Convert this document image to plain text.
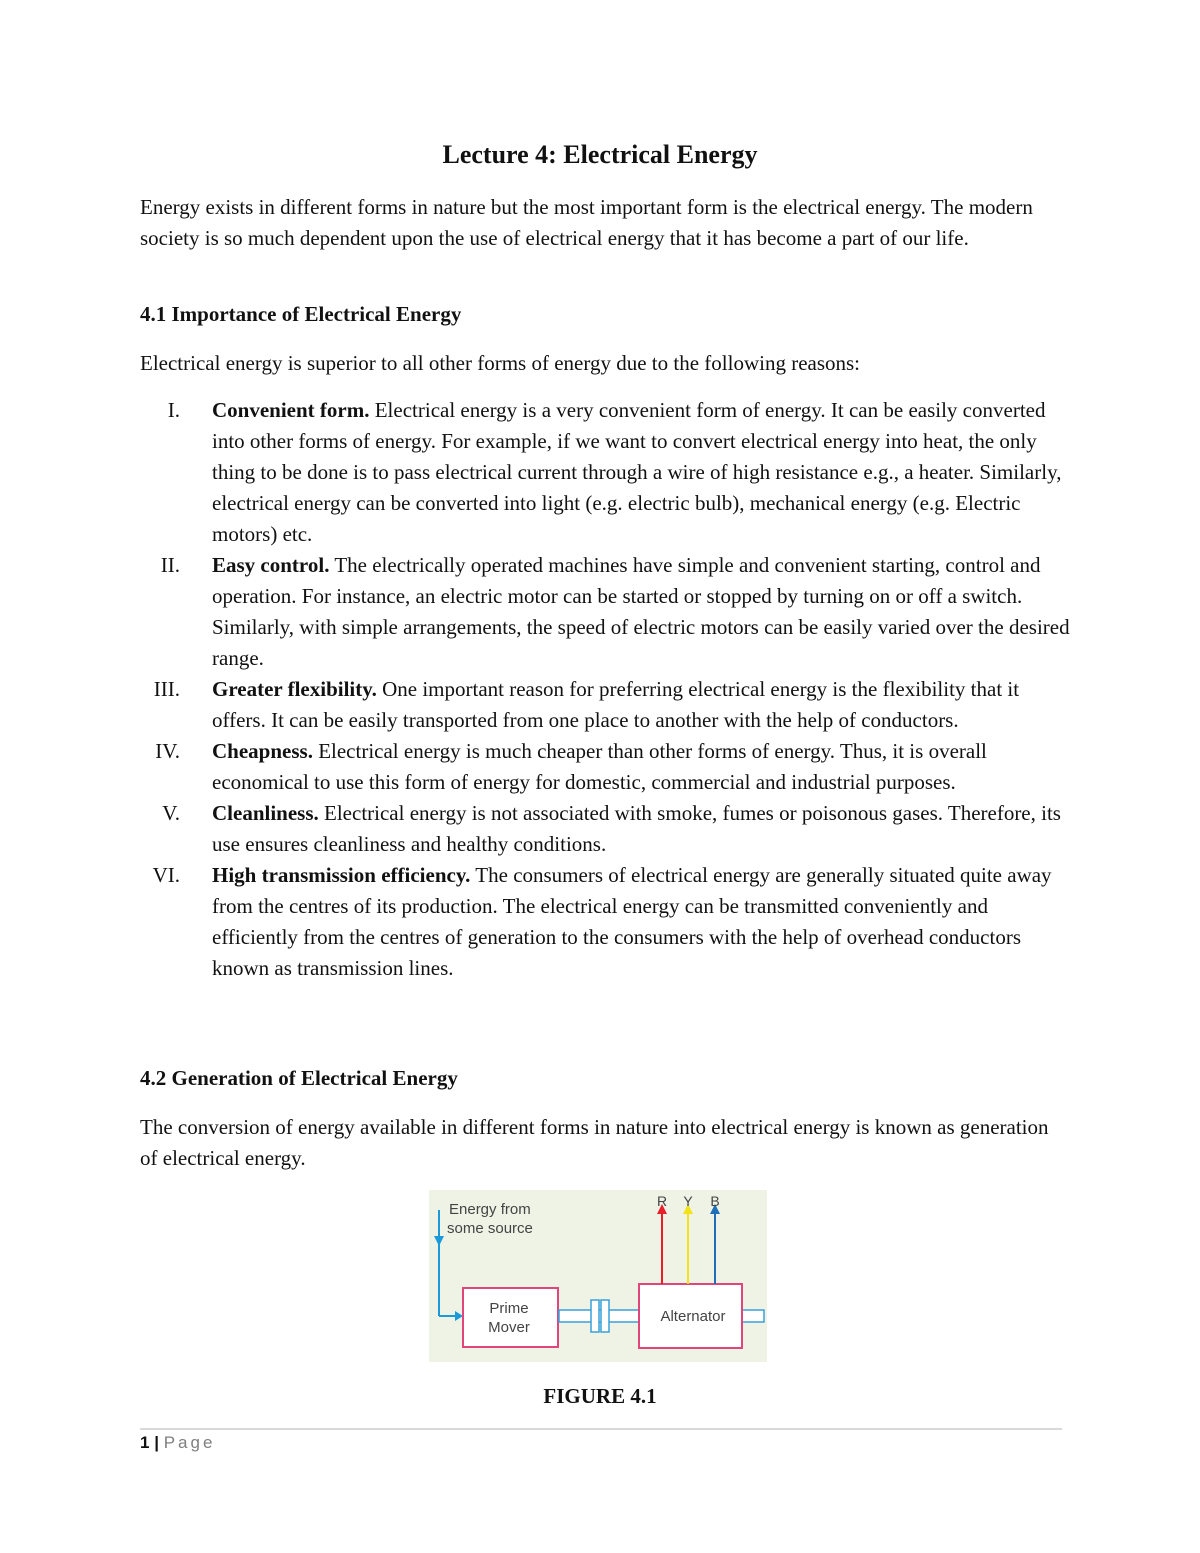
Lecture 4: Electrical Energy

Energy exists in different forms in nature but the most important form is the electrical energy. The modern society is so much dependent upon the use of electrical energy that it has become a part of our life.

4.1 Importance of Electrical Energy

Electrical energy is superior to all other forms of energy due to the following reasons:

I. Convenient form. Electrical energy is a very convenient form of energy. It can be easily converted into other forms of energy. For example, if we want to convert electrical energy into heat, the only thing to be done is to pass electrical current through a wire of high resistance e.g., a heater. Similarly, electrical energy can be converted into light (e.g. electric bulb), mechanical energy (e.g. Electric motors) etc.
II. Easy control. The electrically operated machines have simple and convenient starting, control and operation. For instance, an electric motor can be started or stopped by turning on or off a switch. Similarly, with simple arrangements, the speed of electric motors can be easily varied over the desired range.
III. Greater flexibility. One important reason for preferring electrical energy is the flexibility that it offers. It can be easily transported from one place to another with the help of conductors.
IV. Cheapness. Electrical energy is much cheaper than other forms of energy. Thus, it is overall
economical to use this form of energy for domestic, commercial and industrial purposes.
V. Cleanliness. Electrical energy is not associated with smoke, fumes or poisonous gases. Therefore, its use ensures cleanliness and healthy conditions.
VI. High transmission efficiency. The consumers of electrical energy are generally situated quite away from the centres of its production. The electrical energy can be transmitted conveniently and efficiently from the centres of generation to the consumers with the help of overhead conductors known as transmission lines.
4.2 Generation of Electrical Energy

The conversion of energy available in different forms in nature into electrical energy is known as generation of electrical energy.

Energy from
some source
Prime
Mover
Alternator
R Y B

FIGURE 4.1

1 | Page
